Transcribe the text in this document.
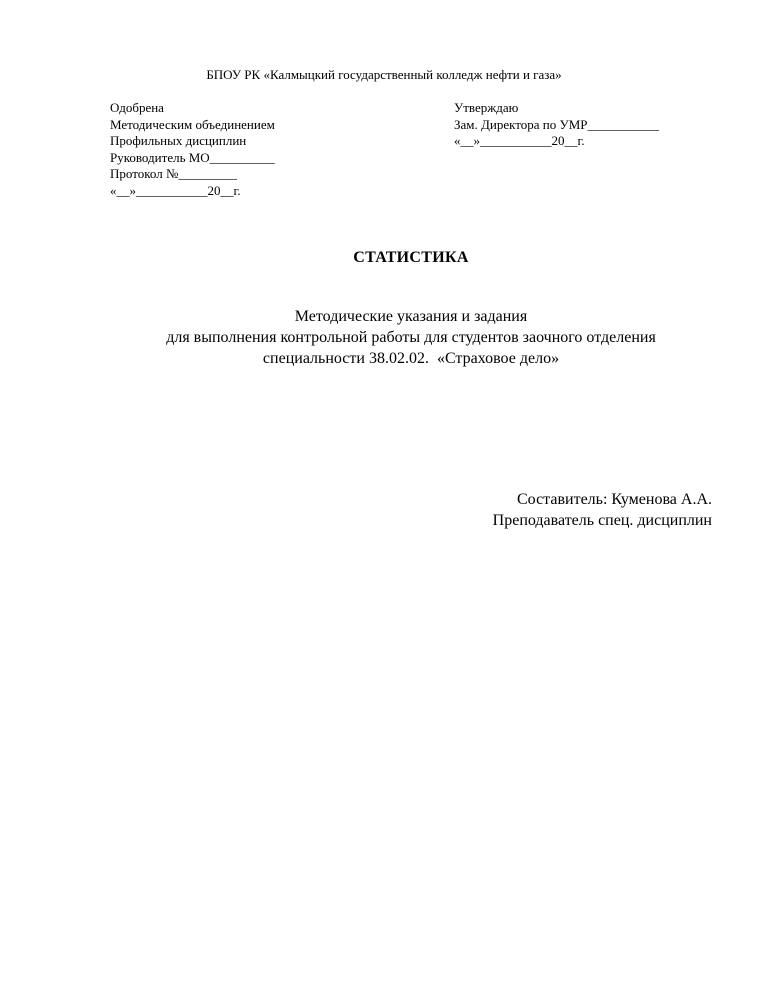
БПОУ РК «Калмыцкий государственный колледж нефти и газа»
Одобрена
Методическим объединением
Профильных дисциплин
Руководитель МО__________
Протокол №_________
«__»___________20__г.
Утверждаю
Зам. Директора по УМР___________
«__»___________20__г.
СТАТИСТИКА
Методические указания и задания
для выполнения контрольной работы для студентов заочного отделения
специальности 38.02.02.  «Страховое дело»
Составитель: Куменова А.А.
Преподаватель спец. дисциплин
